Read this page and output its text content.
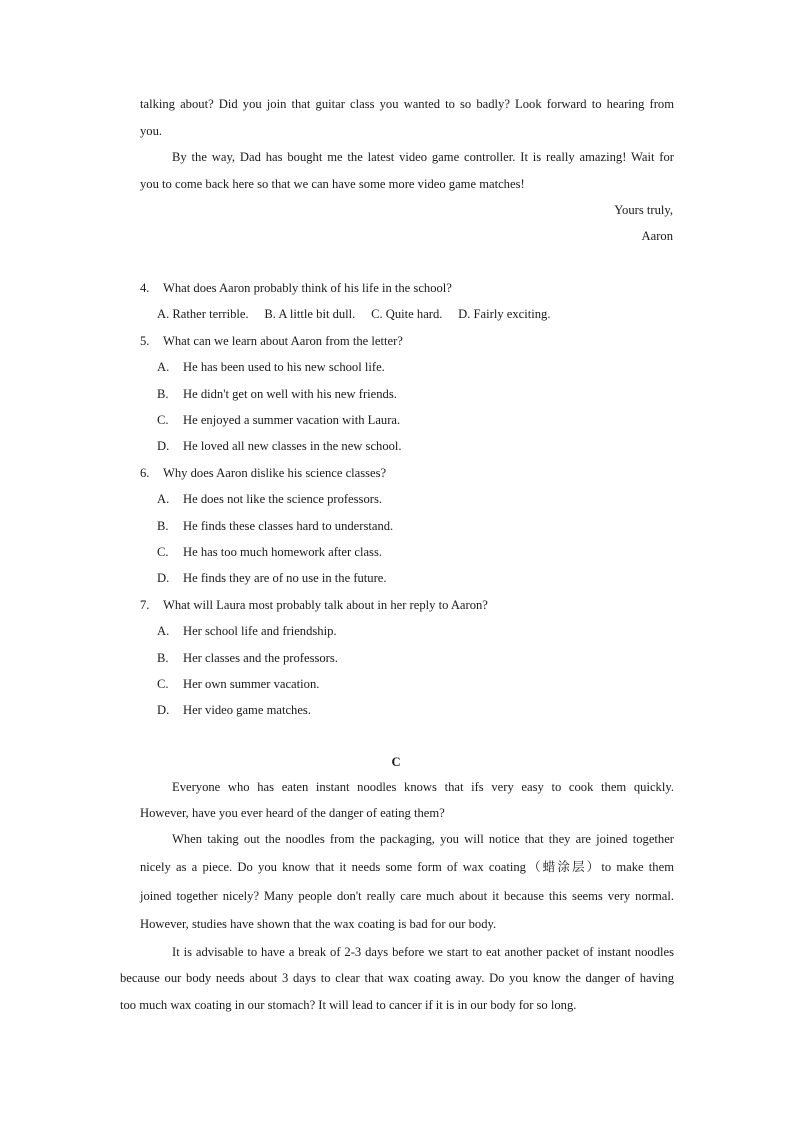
talking about? Did you join that guitar class you wanted to so badly? Look forward to hearing from
you.
By the way, Dad has bought me the latest video game controller. It is really amazing! Wait for
you to come back here so that we can have some more video game matches!
Yours truly,
Aaron
4. What does Aaron probably think of his life in the school?
A. Rather terrible.     B. A little bit dull.     C. Quite hard.     D. Fairly exciting.
5. What can we learn about Aaron from the letter?
A. He has been used to his new school life.
B. He didn't get on well with his new friends.
C. He enjoyed a summer vacation with Laura.
D. He loved all new classes in the new school.
6. Why does Aaron dislike his science classes?
A. He does not like the science professors.
B. He finds these classes hard to understand.
C. He has too much homework after class.
D. He finds they are of no use in the future.
7. What will Laura most probably talk about in her reply to Aaron?
A. Her school life and friendship.
B. Her classes and the professors.
C. Her own summer vacation.
D. Her video game matches.
C
Everyone who has eaten instant noodles knows that ifs very easy to cook them quickly.
However, have you ever heard of the danger of eating them?
When taking out the noodles from the packaging, you will notice that they are joined together
nicely as a piece. Do you know that it needs some form of wax coating（蜡涂层）to make them
joined together nicely? Many people don't really care much about it because this seems very normal.
However, studies have shown that the wax coating is bad for our body.
It is advisable to have a break of 2-3 days before we start to eat another packet of instant noodles
because our body needs about 3 days to clear that wax coating away. Do you know the danger of having
too much wax coating in our stomach? It will lead to cancer if it is in our body for so long.
